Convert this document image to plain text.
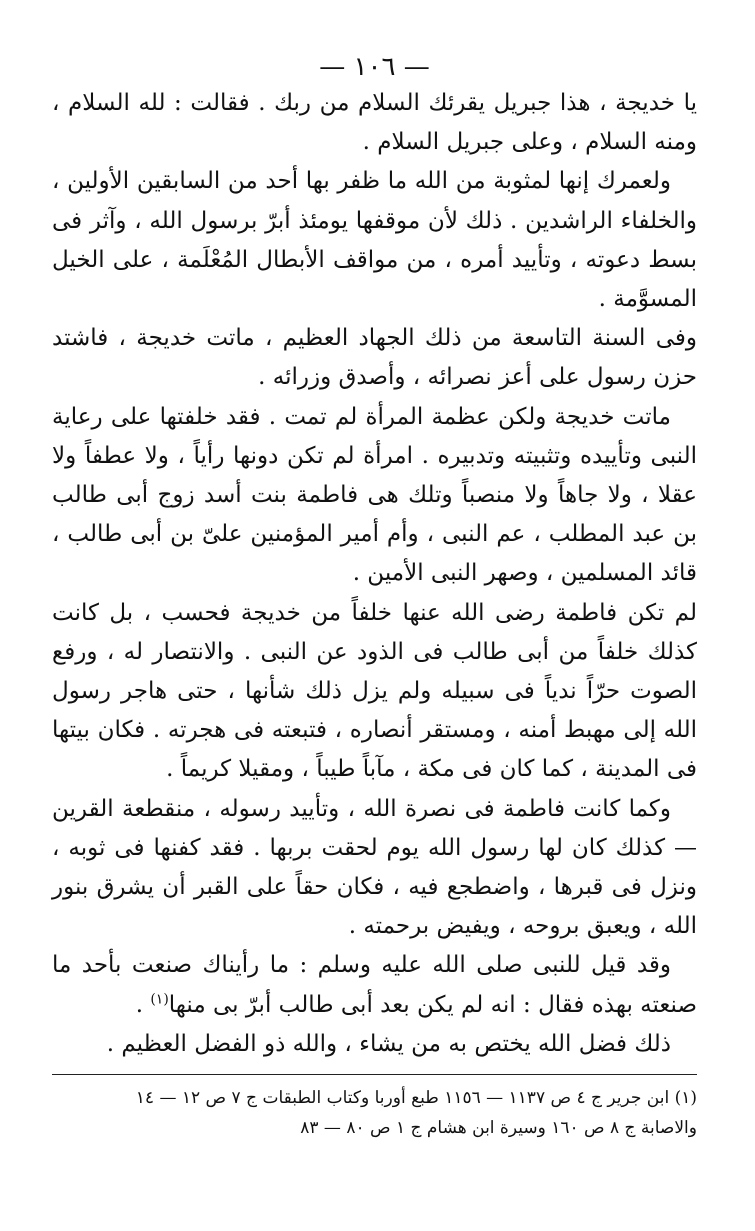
— ١٠٦ —

يا خديجة ، هذا جبريل يقرئك السلام من ربك . فقالت : لله السلام ، ومنه السلام ، وعلى جبريل السلام .

ولعمرك إنها لمثوبة من الله ما ظفر بها أحد من السابقين الأولين ، والخلفاء الراشدين . ذلك لأن موقفها يومئذ أبرّ برسول الله ، وآثر فى بسط دعوته ، وتأييد أمره ، من مواقف الأبطال المُعْلَمة ، على الخيل المسوَّمة .

وفى السنة التاسعة من ذلك الجهاد العظيم ، ماتت خديجة ، فاشتد حزن رسول على أعز نصرائه ، وأصدق وزرائه .

ماتت خديجة ولكن عظمة المرأة لم تمت . فقد خلفتها على رعاية النبى وتأييده وتثبيته وتدبيره . امرأة لم تكن دونها رأياً ، ولا عطفاً ولا عقلا ، ولا جاهاً ولا منصباً وتلك هى فاطمة بنت أسد زوج أبى طالب بن عبد المطلب ، عم النبى ، وأم أمير المؤمنين علىّ بن أبى طالب ، قائد المسلمين ، وصهر النبى الأمين .

لم تكن فاطمة رضى الله عنها خلفاً من خديجة فحسب ، بل كانت كذلك خلفاً من أبى طالب فى الذود عن النبى . والانتصار له ، ورفع الصوت حرّاً ندياً فى سبيله ولم يزل ذلك شأنها ، حتى هاجر رسول الله إلى مهبط أمنه ، ومستقر أنصاره ، فتبعته فى هجرته . فكان بيتها فى المدينة ، كما كان فى مكة ، مآباً طيباً ، ومقيلا كريماً .

وكما كانت فاطمة فى نصرة الله ، وتأييد رسوله ، منقطعة القرين — كذلك كان لها رسول الله يوم لحقت بربها . فقد كفنها فى ثوبه ، ونزل فى قبرها ، واضطجع فيه ، فكان حقاً على القبر أن يشرق بنور الله ، ويعبق بروحه ، ويفيض برحمته .

وقد قيل للنبى صلى الله عليه وسلم : ما رأيناك صنعت بأحد ما صنعته بهذه فقال : انه لم يكن بعد أبى طالب أبرّ بى منها$^{(١)}$ .

ذلك فضل الله يختص به من يشاء ، والله ذو الفضل العظيم .

(١) ابن جرير ج ٤ ص ١١٣٧ — ١١٥٦ طبع أوربا وكتاب الطبقات ج ٧ ص ١٢ — ١٤

والاصابة ج ٨ ص ١٦٠ وسيرة ابن هشام ج ١ ص ٨٠ — ٨٣
